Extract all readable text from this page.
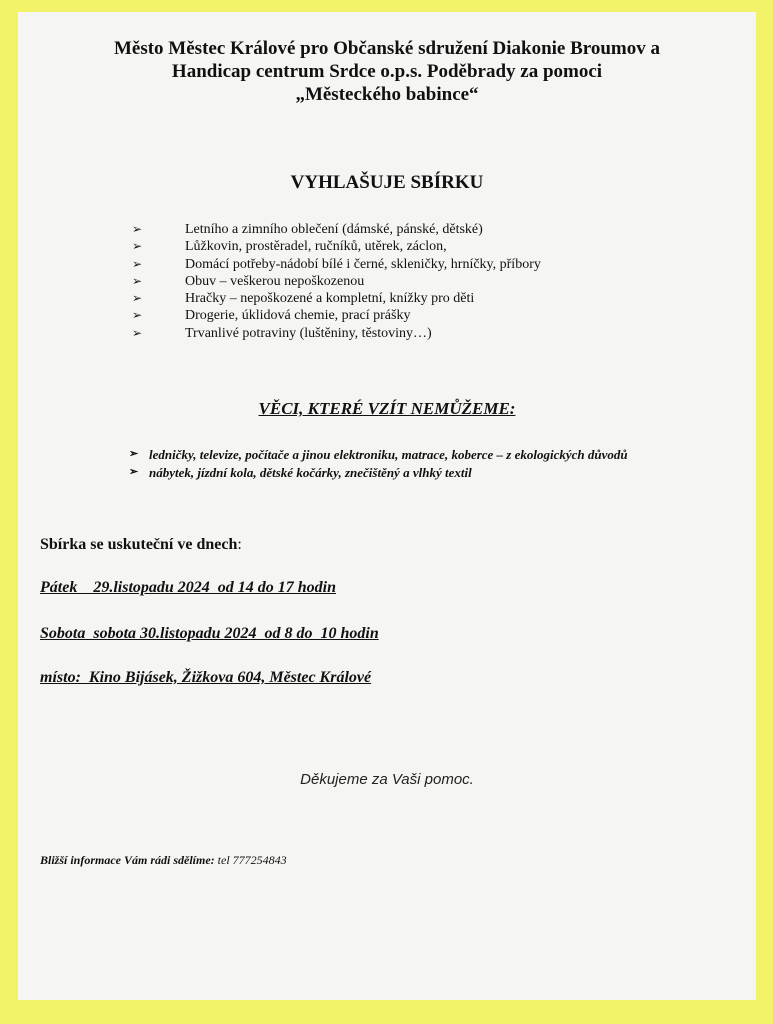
Město Městec Králové pro Občanské sdružení Diakonie Broumov a
Handicap centrum Srdce o.p.s. Poděbrady za pomoci
„Městeckého babince“
VYHLAŠUJE SBÍRKU
➢	Letního a zimního oblečení (dámské, pánské, dětské)
➢	Lůžkovin, prostěradel, ručníků, utěrek, záclon,
➢	Domácí potřeby-nádobí bílé i černé, skleničky, hrníčky, příbory
➢	Obuv – veškerou nepoškozenou
➢	Hračky – nepoškozené a kompletní, knížky pro děti
➢	Drogerie, úklidová chemie, prací prášky
➢	Trvanlivé potraviny (luštěniny, těstoviny…)
VĚCI, KTERÉ VZÍT NEMŮŽEME:
➢ ledničky, televize, počítače a jinou elektroniku, matrace, koberce – z ekologických důvodů
➢ nábytek, jízdní kola, dětské kočárky, znečištěný a vlhký textil
Sbírka se uskuteční ve dnech:
Pátek    29.listopadu 2024  od 14 do 17 hodin
Sobota  sobota 30.listopadu 2024  od 8 do  10 hodin
místo:  Kino Bijásek, Žižkova 604, Městec Králové
Děkujeme za Vaši pomoc.
Bližší informace Vám rádi sdělíme: tel 777254843
